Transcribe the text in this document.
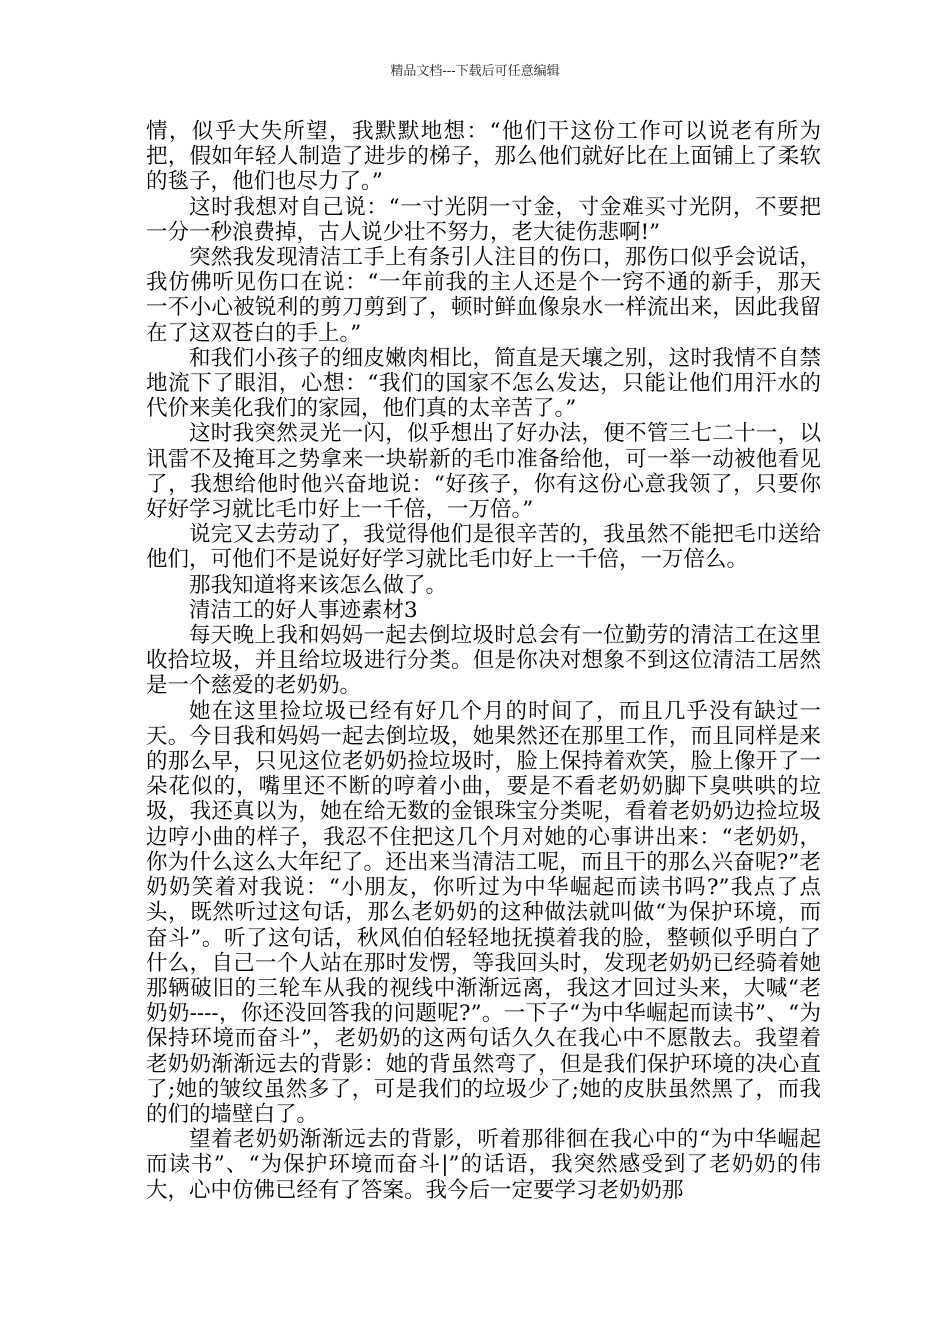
精品文档---下载后可任意编辑

情，似乎大失所望，我默默地想：“他们干这份工作可以说老有所为把，假如年轻人制造了进步的梯子，那么他们就好比在上面铺上了柔软的毯子，他们也尽力了。”

这时我想对自己说：“一寸光阴一寸金，寸金难买寸光阴，不要把一分一秒浪费掉，古人说少壮不努力，老大徒伤悲啊!”

突然我发现清洁工手上有条引人注目的伤口，那伤口似乎会说话，我仿佛听见伤口在说：“一年前我的主人还是个一窍不通的新手，那天一不小心被锐利的剪刀剪到了，顿时鲜血像泉水一样流出来，因此我留在了这双苍白的手上。”

和我们小孩子的细皮嫩肉相比，简直是天壤之别，这时我情不自禁地流下了眼泪，心想：“我们的国家不怎么发达，只能让他们用汗水的代价来美化我们的家园，他们真的太辛苦了。”

这时我突然灵光一闪，似乎想出了好办法，便不管三七二十一，以讯雷不及掩耳之势拿来一块崭新的毛巾准备给他，可一举一动被他看见了，我想给他时他兴奋地说：“好孩子，你有这份心意我领了，只要你好好学习就比毛巾好上一千倍，一万倍。”

说完又去劳动了，我觉得他们是很辛苦的，我虽然不能把毛巾送给他们，可他们不是说好好学习就比毛巾好上一千倍，一万倍么。

那我知道将来该怎么做了。

清洁工的好人事迹素材3

每天晚上我和妈妈一起去倒垃圾时总会有一位勤劳的清洁工在这里收拾垃圾，并且给垃圾进行分类。但是你决对想象不到这位清洁工居然是一个慈爱的老奶奶。

她在这里捡垃圾已经有好几个月的时间了，而且几乎没有缺过一天。今日我和妈妈一起去倒垃圾，她果然还在那里工作，而且同样是来的那么早，只见这位老奶奶捡垃圾时，脸上保持着欢笑，脸上像开了一朵花似的，嘴里还不断的哼着小曲，要是不看老奶奶脚下臭哄哄的垃圾，我还真以为，她在给无数的金银珠宝分类呢，看着老奶奶边捡垃圾边哼小曲的样子，我忍不住把这几个月对她的心事讲出来：“老奶奶，你为什么这么大年纪了。还出来当清洁工呢，而且干的那么兴奋呢?”老奶奶笑着对我说：“小朋友，你听过为中华崛起而读书吗?”我点了点头，既然听过这句话，那么老奶奶的这种做法就叫做“为保护环境，而奋斗”。听了这句话，秋风伯伯轻轻地抚摸着我的脸，整顿似乎明白了什么，自己一个人站在那时发愣，等我回头时，发现老奶奶已经骑着她那辆破旧的三轮车从我的视线中渐渐远离，我这才回过头来，大喊“老奶奶----，你还没回答我的问题呢?”。一下子“为中华崛起而读书”、“为保持环境而奋斗”，老奶奶的这两句话久久在我心中不愿散去。我望着老奶奶渐渐远去的背影：她的背虽然弯了，但是我们保护环境的决心直了;她的皱纹虽然多了，可是我们的垃圾少了;她的皮肤虽然黑了，而我的们的墙壁白了。

望着老奶奶渐渐远去的背影，听着那徘徊在我心中的“为中华崛起而读书”、“为保护环境而奋斗|”的话语，我突然感受到了老奶奶的伟大，心中仿佛已经有了答案。我今后一定要学习老奶奶那
